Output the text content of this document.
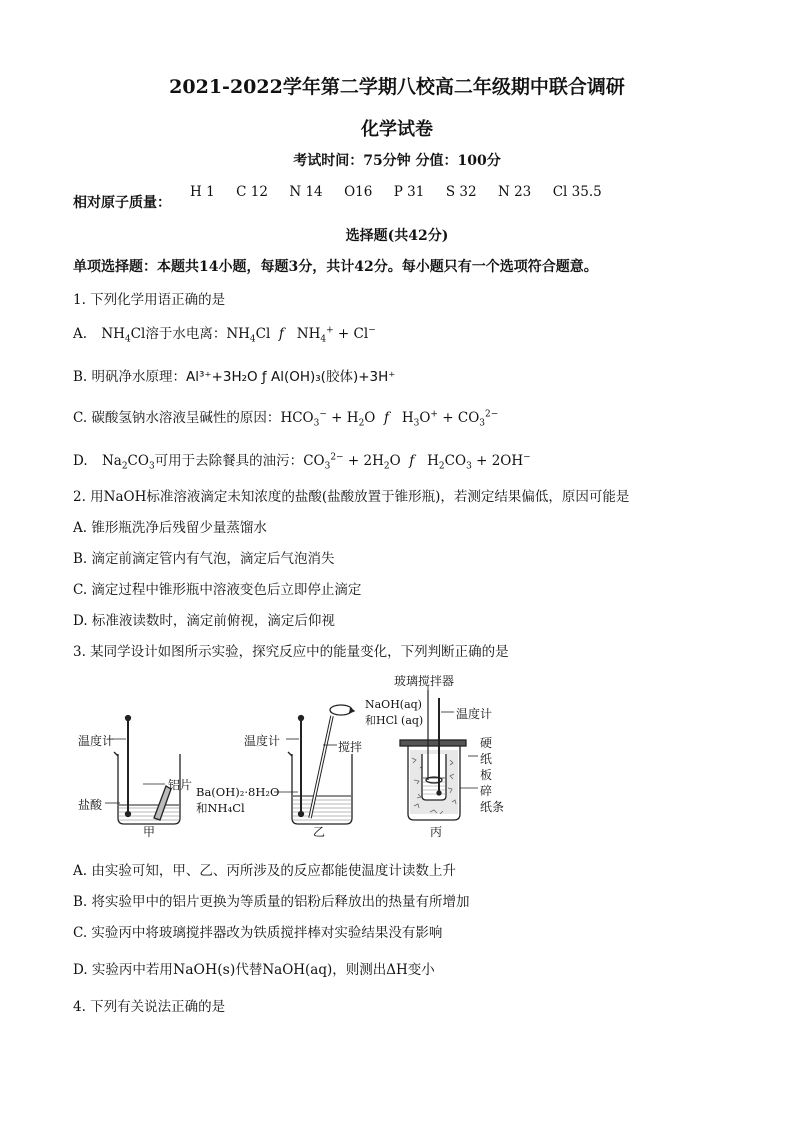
2021-2022学年第二学期八校高二年级期中联合调研
化学试卷
考试时间：75分钟 分值：100分
相对原子质量：
H 1     C 12     N 14     O16     P 31     S 32     N 23     Cl 35.5
选择题(共42分)
单项选择题：本题共14小题，每题3分，共计42分。每小题只有一个选项符合题意。
1. 下列化学用语正确的是
A. $NH_4Cl$溶于水电离：$NH_4Cl$  f   $NH_4^+ + Cl^-$
B. 明矾净水原理：Al³⁺+3H₂O ƒ Al(OH)₃(胶体)+3H⁺
C. 碳酸氢钠水溶液呈碱性的原因：$HCO_3^- + H_2O$  f   $H_3O^+ + CO_3^{2-}$
D. $Na_2CO_3$可用于去除餐具的油污：$CO_3^{2-} + 2H_2O$  f   $H_2CO_3 + 2OH^-$
2. 用NaOH标准溶液滴定未知浓度的盐酸(盐酸放置于锥形瓶)，若测定结果偏低，原因可能是
A. 锥形瓶洗净后残留少量蒸馏水
B. 滴定前滴定管内有气泡，滴定后气泡消失
C. 滴定过程中锥形瓶中溶液变色后立即停止滴定
D. 标准液读数时，滴定前俯视，滴定后仰视
3. 某同学设计如图所示实验，探究反应中的能量变化，下列判断正确的是
温度计
铝片
盐酸
甲
温度计	搅拌
Ba(OH)₂·8H₂O
和NH₄Cl
乙
玻璃搅拌器
NaOH(aq)
和HCl (aq)	温度计
硬
纸
板
碎
纸条
丙
A. 由实验可知，甲、乙、丙所涉及的反应都能使温度计读数上升
B. 将实验甲中的铝片更换为等质量的铝粉后释放出的热量有所增加
C. 实验丙中将玻璃搅拌器改为铁质搅拌棒对实验结果没有影响
D. 实验丙中若用NaOH(s)代替NaOH(aq)，则测出ΔH变小
4. 下列有关说法正确的是
